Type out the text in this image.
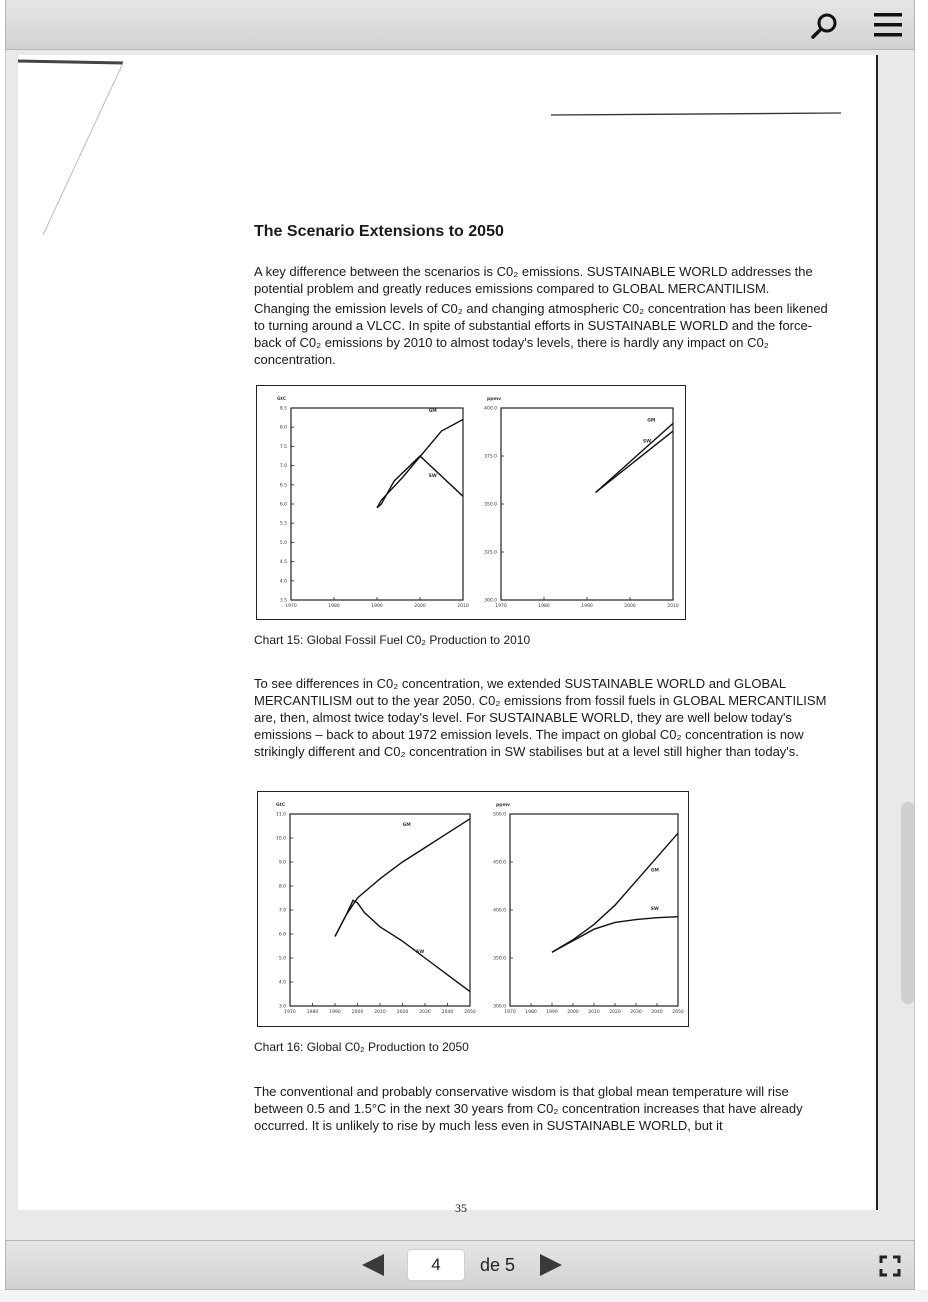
The Scenario Extensions to 2050
A key difference between the scenarios is C0₂ emissions. SUSTAINABLE WORLD addresses the potential problem and greatly reduces emissions compared to GLOBAL MERCANTILISM.
Changing the emission levels of C0₂ and changing atmospheric C0₂ concentration has been likened to turning around a VLCC. In spite of substantial efforts in SUSTAINABLE WORLD and the force-back of C0₂ emissions by 2010 to almost today's levels, there is hardly any impact on C0₂ concentration.
GtC
8.5
8.0
7.5
7.0
6.5
6.0
5.5
5.0
4.5
4.0
3.5
1970	1980	1990	2000	2010
GM
SW
ppmv
400.0
375.0
350.0
325.0
300.0
1970	1980	1990	2000	2010
GM
SW
Chart 15: Global Fossil Fuel C0₂ Production to 2010
To see differences in C0₂ concentration, we extended SUSTAINABLE WORLD and GLOBAL MERCANTILISM out to the year 2050. C0₂ emissions from fossil fuels in GLOBAL MERCANTILISM are, then, almost twice today's level. For SUSTAINABLE WORLD, they are well below today's emissions – back to about 1972 emission levels. The impact on global C0₂ concentration is now strikingly different and C0₂ concentration in SW stabilises but at a level still higher than today's.
GtC
11.0
10.0
9.0
8.0
7.0
6.0
5.0
4.0
3.0
1970 1980 1990 2000 2010 2020 2030 2040 2050
GM
SW
ppmv
500.0
450.0
400.0
350.0
300.0
1970 1980 1990 2000 2010 2020 2030 2040 2050
GM
SW
Chart 16: Global C0₂ Production to 2050
The conventional and probably conservative wisdom is that global mean temperature will rise between 0.5 and 1.5°C in the next 30 years from C0₂ concentration increases that have already occurred. It is unlikely to rise by much less even in SUSTAINABLE WORLD, but it
35
4
de 5
